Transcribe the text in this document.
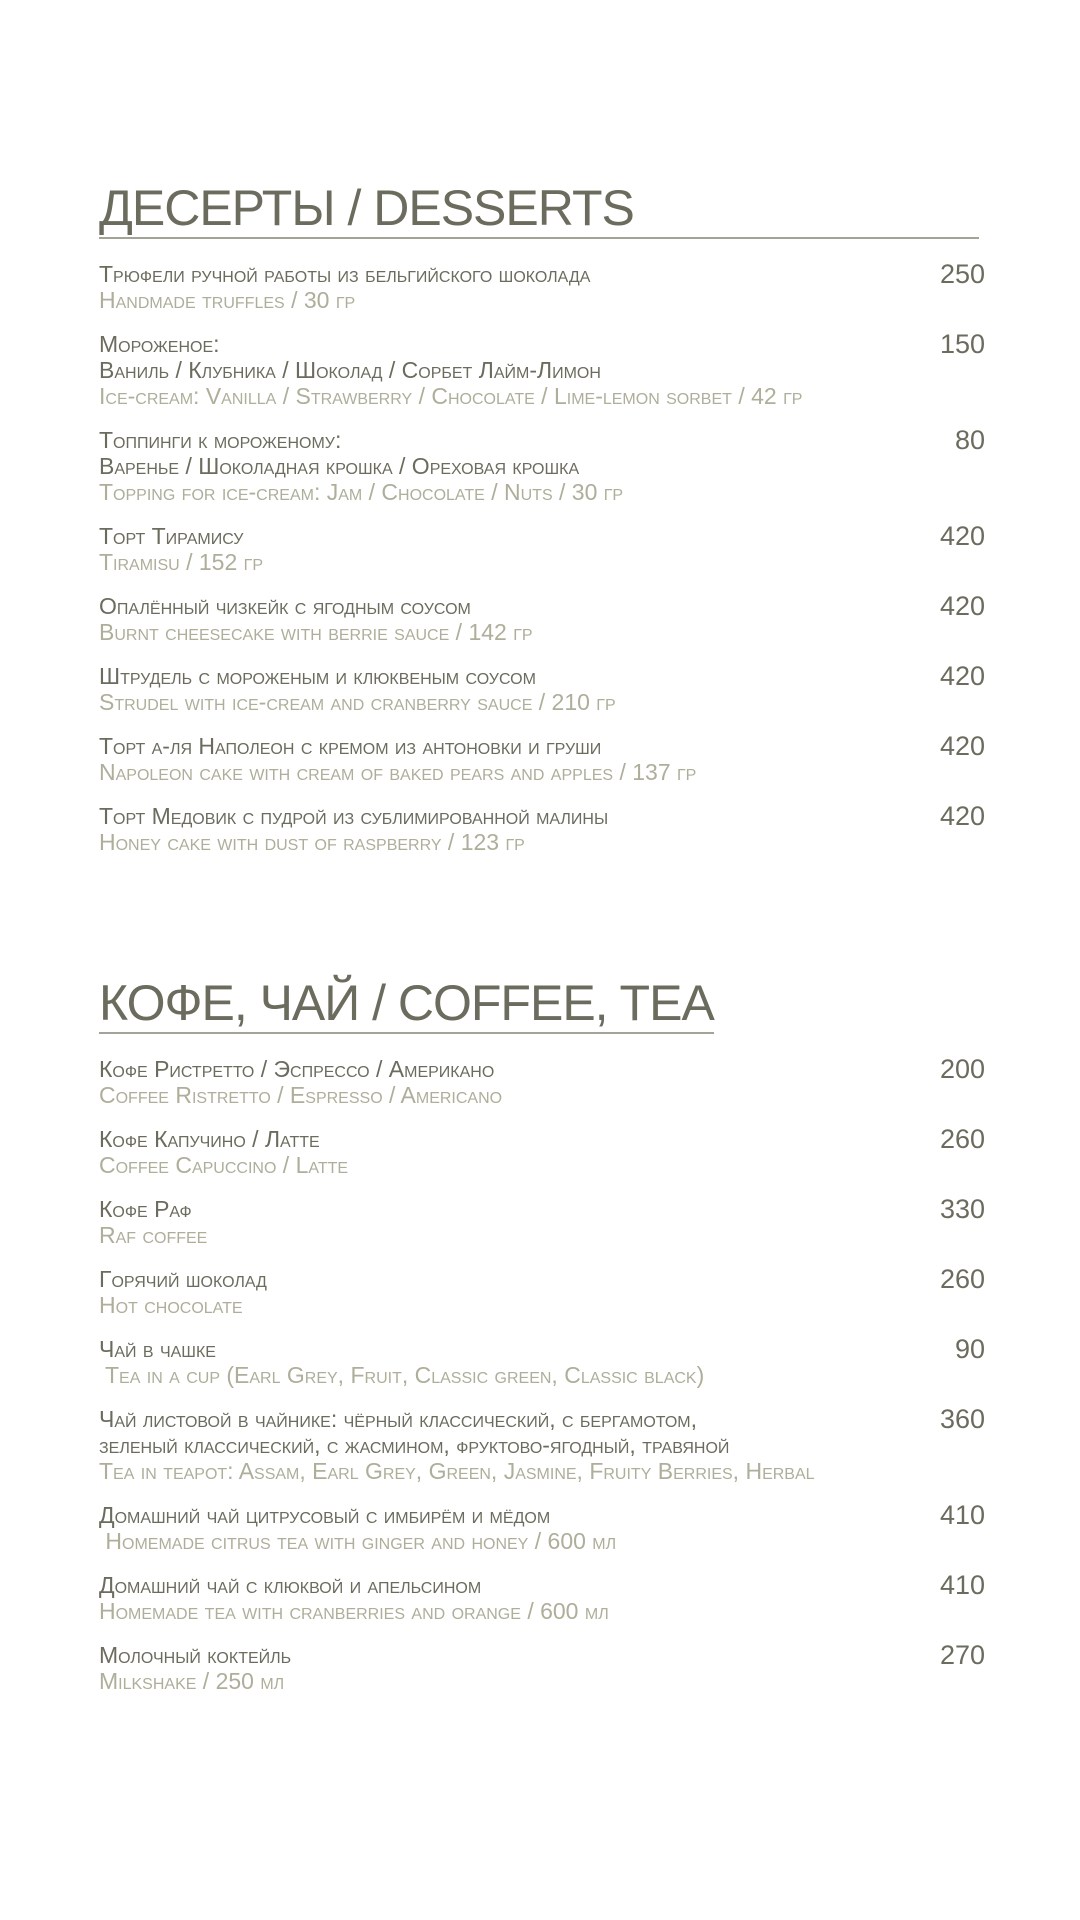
ДЕСЕРТЫ / DESSERTS

Трюфели ручной работы из бельгийского шоколада

Handmade truffles / 30 гр

250

Мороженое:

Ваниль / Клубника / Шоколад / Сорбет Лайм-Лимон

Ice-cream: Vanilla / Strawberry / Chocolate / Lime-lemon sorbet / 42 гр

150

Топпинги к мороженому:

Варенье / Шоколадная крошка / Ореховая крошка

Topping for ice-cream: Jam / Chocolate / Nuts / 30 гр

80

Торт Тирамису

Tiramisu / 152 гр

420

Опалённый чизкейк с ягодным соусом

Burnt cheesecake with berrie sauce / 142 гр

420

Штрудель с мороженым и клюквеным соусом

Strudel with ice-cream and cranberry sauce / 210 гр

420

Торт а-ля Наполеон с кремом из антоновки и груши

Napoleon cake with cream of baked pears and apples / 137 гр

420

Торт Медовик с пудрой из сублимированной малины

Honey cake with dust of raspberry / 123 гр

420
КОФЕ, ЧАЙ / COFFEE, TEA

Кофе Ристретто / Эспрессо / Американо

Coffee Ristretto / Espresso / Americano

200

Кофе Капучино / Латте

Coffee Capuccino / Latte

260

Кофе Раф

Raf coffee

330

Горячий шоколад

Hot chocolate

260

Чай в чашке

Tea in a cup (Earl Grey, Fruit, Classic green, Classic black)

90

Чай листовой в чайнике: чёрный классический, с бергамотом,

зеленый классический, с жасмином, фруктово-ягодный, травяной

Tea in teapot: Assam, Earl Grey, Green, Jasmine, Fruity Berries, Herbal

360

Домашний чай цитрусовый с имбирём и мёдом

Homemade citrus tea with ginger and honey / 600 мл

410

Домашний чай с клюквой и апельсином

Homemade tea with cranberries and orange / 600 мл

410

Молочный коктейль

Milkshake / 250 мл

270
